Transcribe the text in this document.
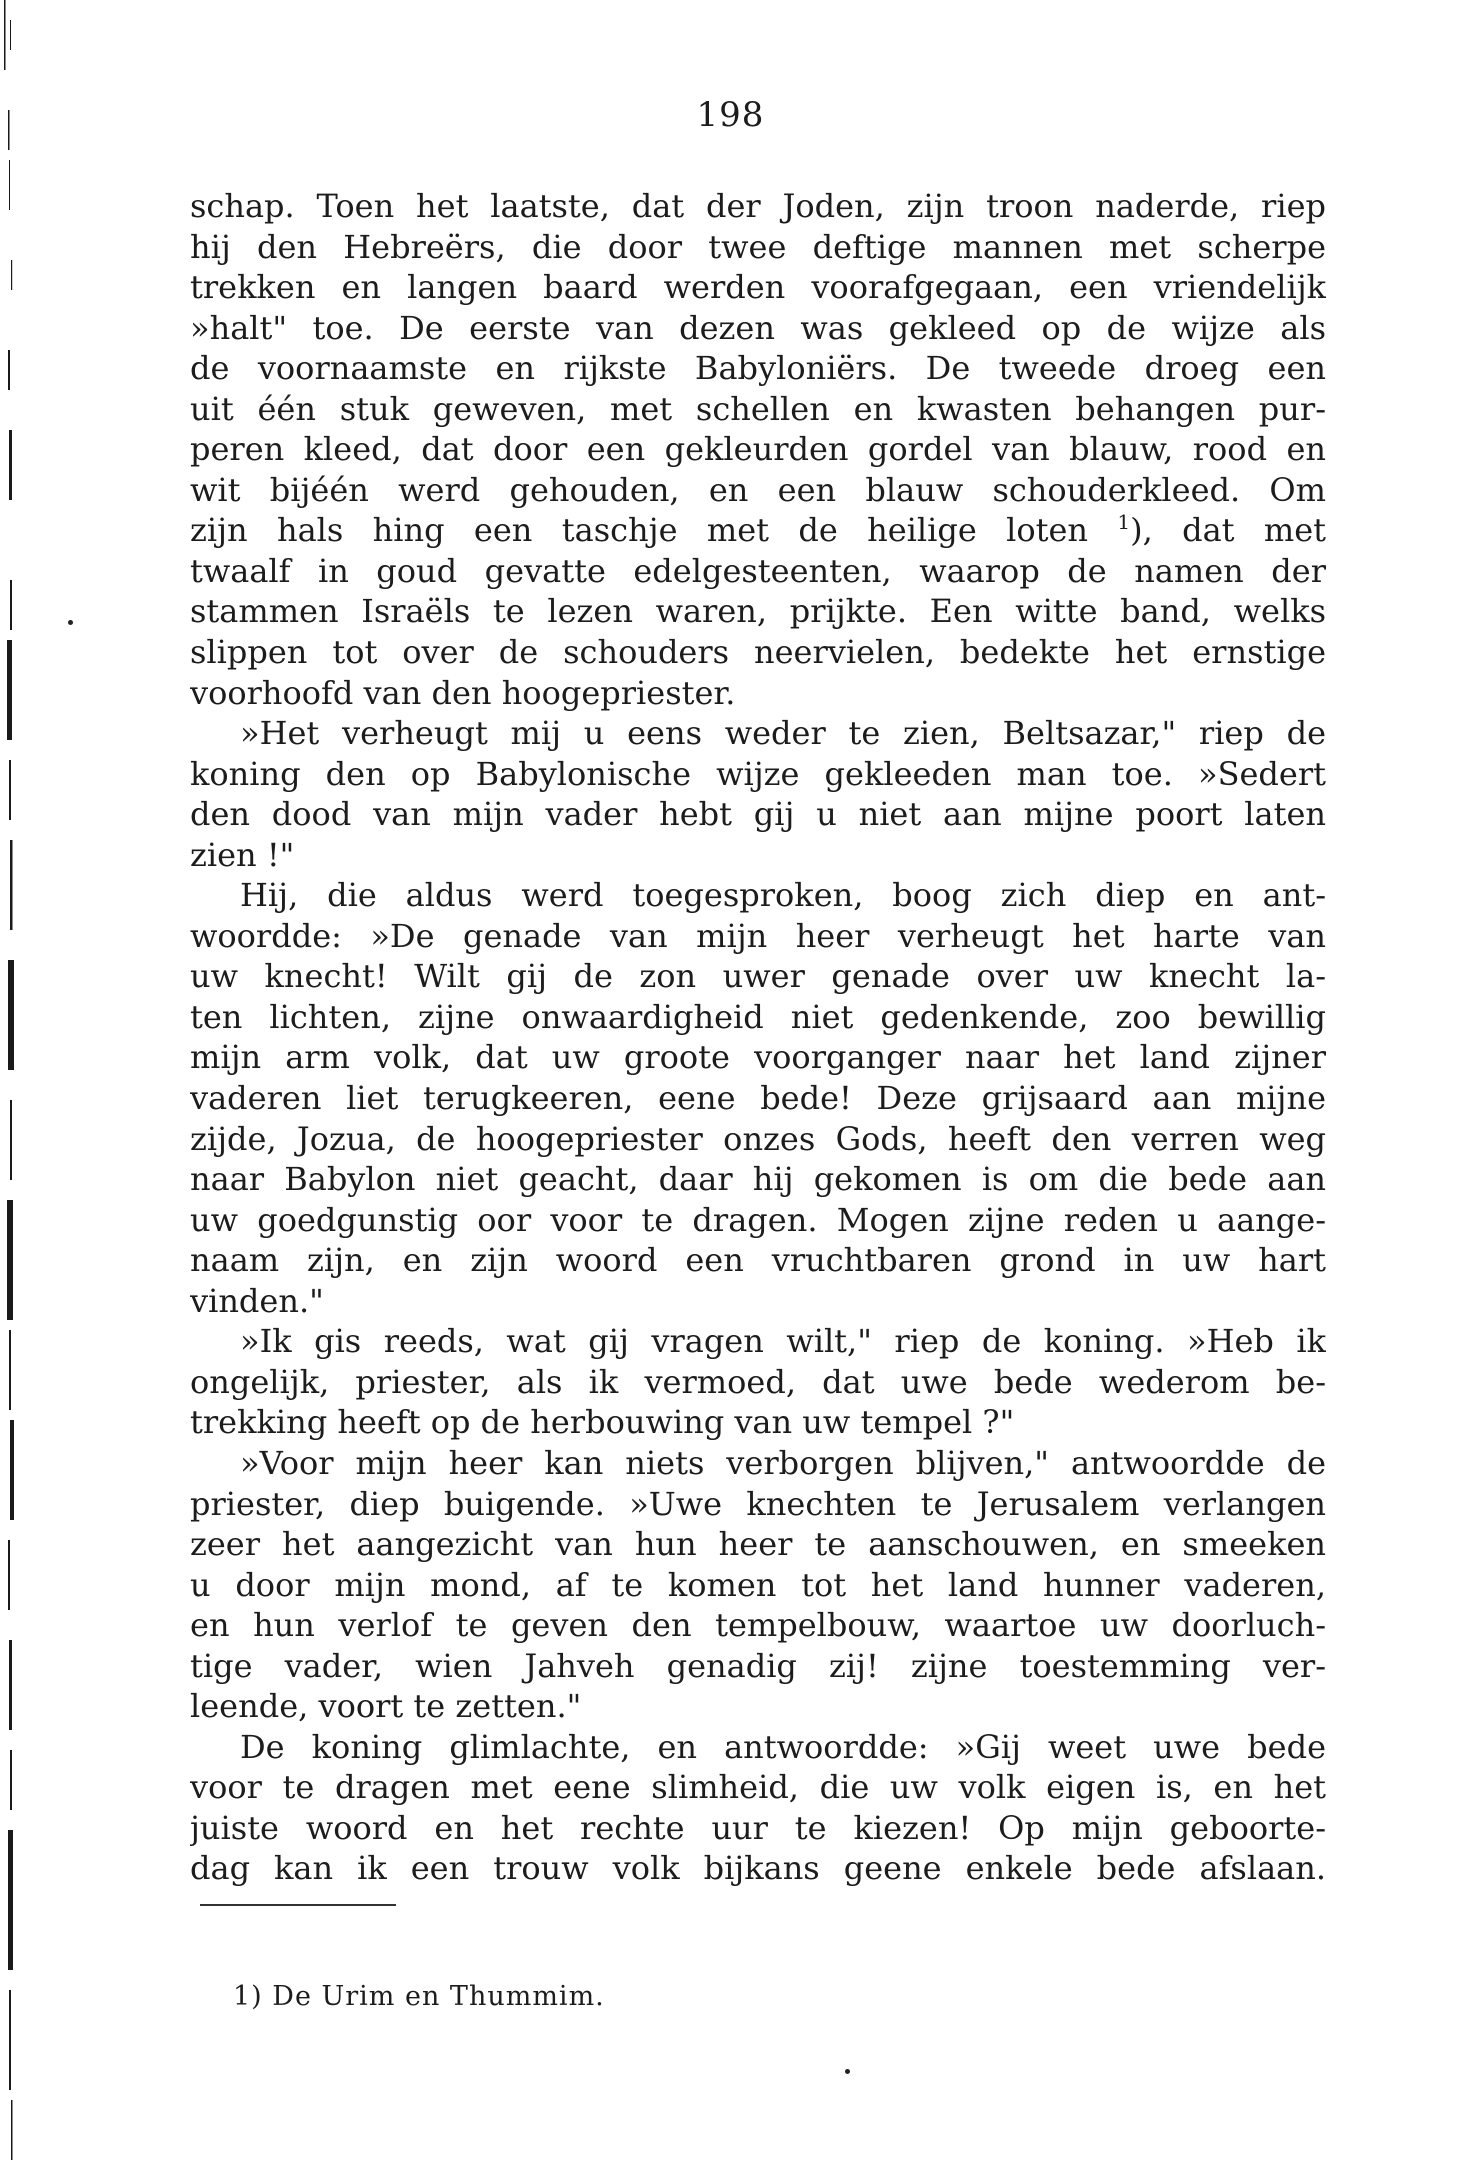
198
schap. Toen het laatste, dat der Joden, zijn troon naderde, riep
hij den Hebreërs, die door twee deftige mannen met scherpe
trekken en langen baard werden voorafgegaan, een vriendelijk
»halt" toe. De eerste van dezen was gekleed op de wijze als
de voornaamste en rijkste Babyloniërs. De tweede droeg een
uit één stuk geweven, met schellen en kwasten behangen pur-
peren kleed, dat door een gekleurden gordel van blauw, rood en
wit bijéén werd gehouden, en een blauw schouderkleed. Om
zijn hals hing een taschje met de heilige loten $^1$), dat met
twaalf in goud gevatte edelgesteenten, waarop de namen der
stammen Israëls te lezen waren, prijkte. Een witte band, welks
slippen tot over de schouders neervielen, bedekte het ernstige
voorhoofd van den hoogepriester.
»Het verheugt mij u eens weder te zien, Beltsazar," riep de
koning den op Babylonische wijze gekleeden man toe. »Sedert
den dood van mijn vader hebt gij u niet aan mijne poort laten
zien !"
Hij, die aldus werd toegesproken, boog zich diep en ant-
woordde: »De genade van mijn heer verheugt het harte van
uw knecht! Wilt gij de zon uwer genade over uw knecht la-
ten lichten, zijne onwaardigheid niet gedenkende, zoo bewillig
mijn arm volk, dat uw groote voorganger naar het land zijner
vaderen liet terugkeeren, eene bede! Deze grijsaard aan mijne
zijde, Jozua, de hoogepriester onzes Gods, heeft den verren weg
naar Babylon niet geacht, daar hij gekomen is om die bede aan
uw goedgunstig oor voor te dragen. Mogen zijne reden u aange-
naam zijn, en zijn woord een vruchtbaren grond in uw hart
vinden."
»Ik gis reeds, wat gij vragen wilt," riep de koning. »Heb ik
ongelijk, priester, als ik vermoed, dat uwe bede wederom be-
trekking heeft op de herbouwing van uw tempel ?"
»Voor mijn heer kan niets verborgen blijven," antwoordde de
priester, diep buigende. »Uwe knechten te Jerusalem verlangen
zeer het aangezicht van hun heer te aanschouwen, en smeeken
u door mijn mond, af te komen tot het land hunner vaderen,
en hun verlof te geven den tempelbouw, waartoe uw doorluch-
tige vader, wien Jahveh genadig zij! zijne toestemming ver-
leende, voort te zetten."
De koning glimlachte, en antwoordde: »Gij weet uwe bede
voor te dragen met eene slimheid, die uw volk eigen is, en het
juiste woord en het rechte uur te kiezen! Op mijn geboorte-
dag kan ik een trouw volk bijkans geene enkele bede afslaan.
1) De Urim en Thummim.
